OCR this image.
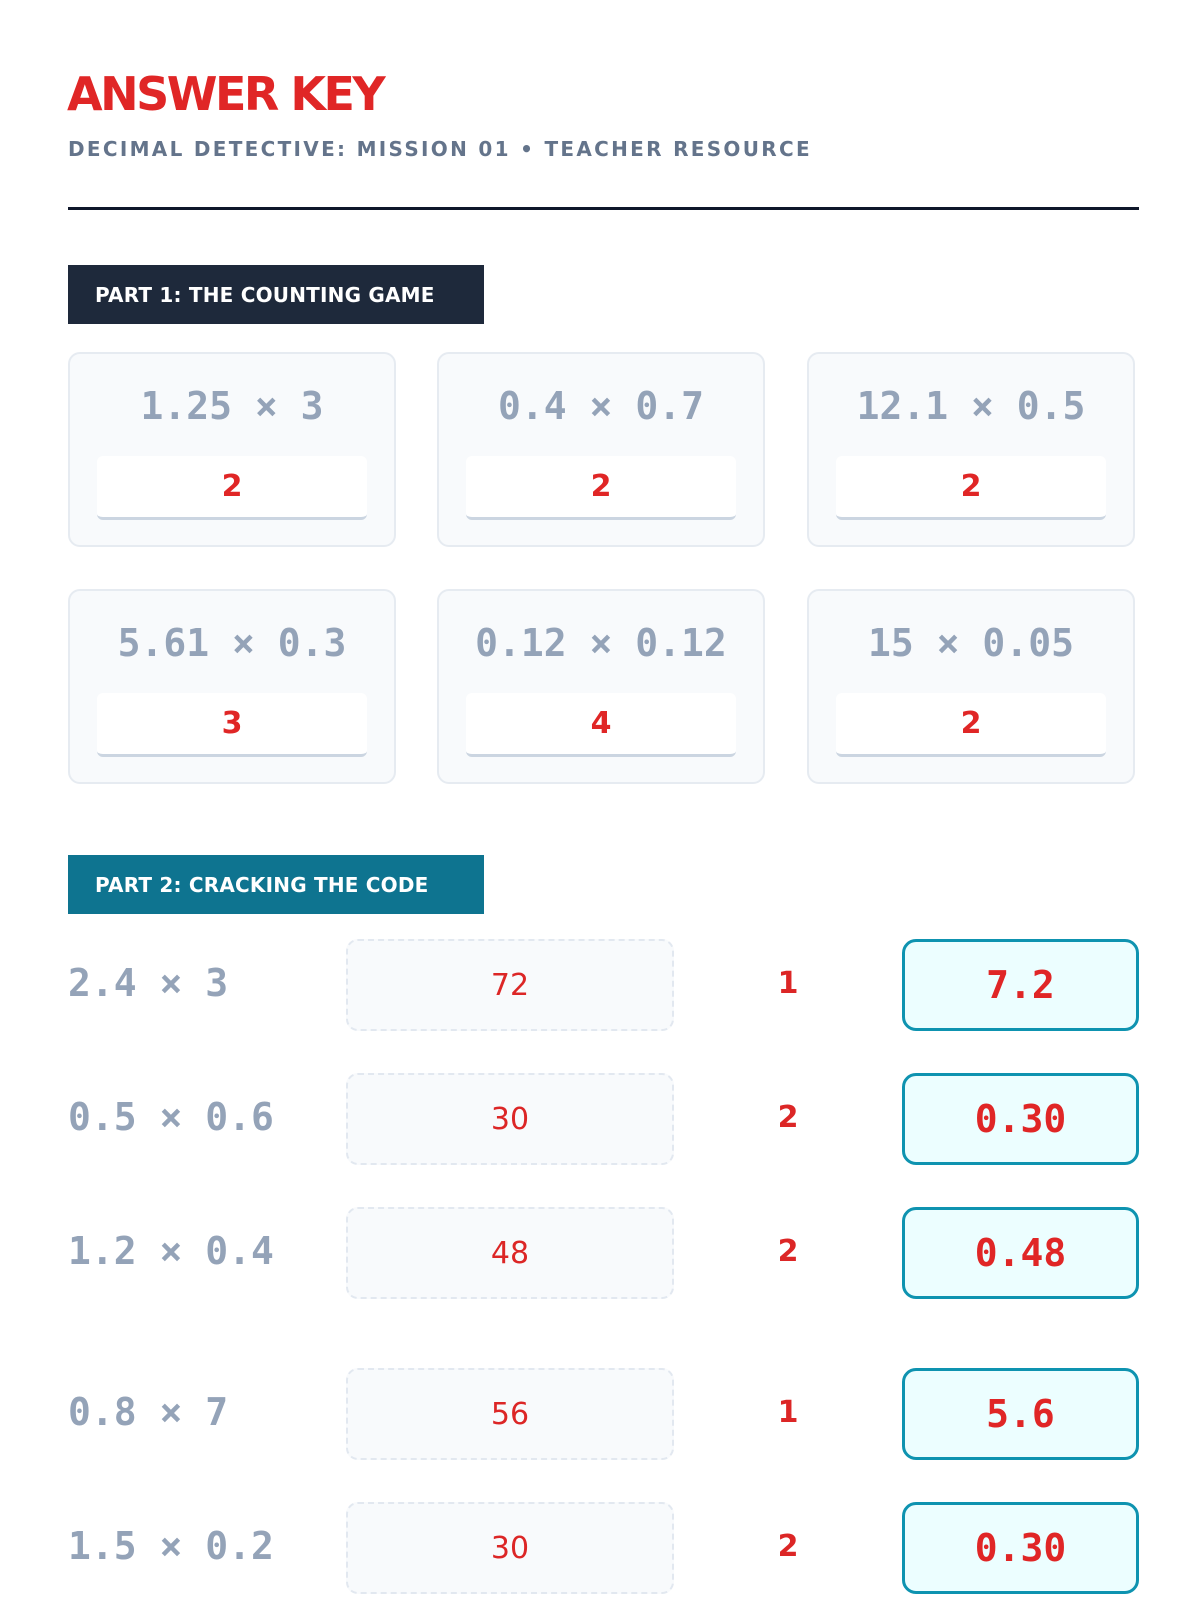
ANSWER KEY
DECIMAL DETECTIVE: MISSION 01 • TEACHER RESOURCE
PART 1: THE COUNTING GAME
1.25 × 3
2
0.4 × 0.7
2
12.1 × 0.5
2
5.61 × 0.3
3
0.12 × 0.12
4
15 × 0.05
2
PART 2: CRACKING THE CODE
2.4 × 3	72	1	7.2
0.5 × 0.6	30	2	0.30
1.2 × 0.4	48	2	0.48
0.8 × 7	56	1	5.6
1.5 × 0.2	30	2	0.30
